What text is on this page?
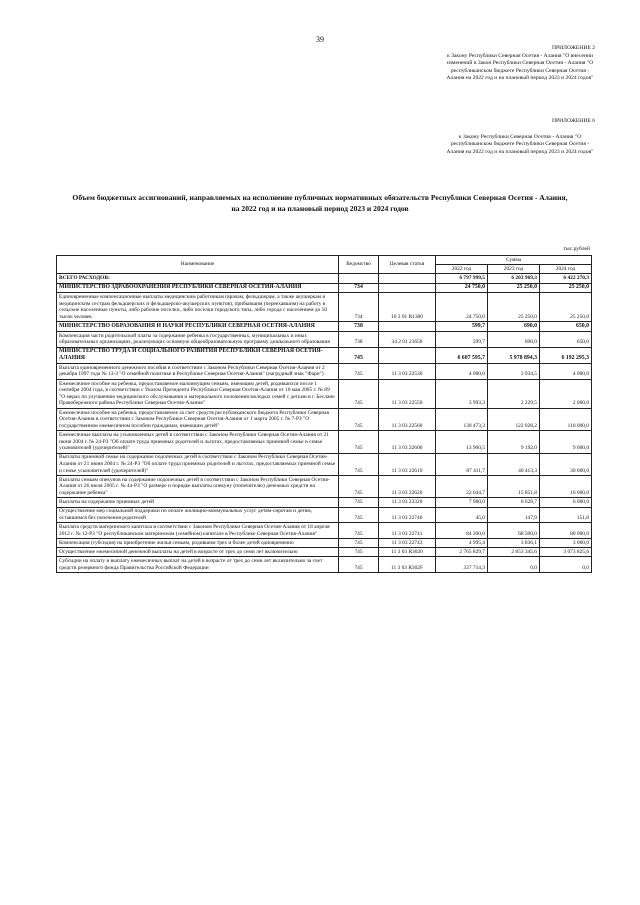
39
ПРИЛОЖЕНИЕ 2
к Закону Республики Северная Осетия - Алания "О внесении изменений в Закон Республики Северная Осетия - Алания "О республиканском бюджете Республики Северная Осетия - Алания на 2022 год и на плановый период 2023 и 2024 годов"
ПРИЛОЖЕНИЕ 6
к Закону Республики Северная Осетия - Алания "О республиканском бюджете Республики Северная Осетия - Алания на 2022 год и на плановый период 2023 и 2024 годов"
Объем бюджетных ассигнований, направляемых на исполнение публичных нормативных обязательств Республики Северная Осетия - Алания, на 2022 год и на плановый период 2023 и 2024 годов
тыс.рублей
Наименование	Ведомство	Целевая статья	Сумма		
			2022 год	2023 год	2024 год
ВСЕГО РАСХОДОВ:			6 797 999,5	6 203 969,3	6 422 270,3
МИНИСТЕРСТВО ЗДРАВООХРАНЕНИЯ РЕСПУБЛИКИ СЕВЕРНАЯ ОСЕТИЯ-АЛАНИЯ	734		24 750,0	25 250,0	25 250,0
Единовременные компенсационные выплаты медицинским работникам (врачам, фельдшерам, а также акушеркам и медицинским сестрам фельдшерских и фельдшерско-акушерских пунктов), прибывшим (переехавшим) на работу в сельские населенные пункты, либо рабочие поселки, либо поселки городского типа, либо города с населением до 50 тысяч человек	734	10 3 01 R1380	24 750,0	25 250,0	25 250,0
МИНИСТЕРСТВО ОБРАЗОВАНИЯ И НАУКИ РЕСПУБЛИКИ СЕВЕРНАЯ ОСЕТИЯ-АЛАНИЯ	738		599,7	690,0	650,0
Компенсация части родительской платы за содержание ребенка в государственных, муниципальных и иных образовательных организациях, реализующих основную общеобразовательную программу дошкольного образования	738	34 2 01 21650	599,7	690,0	650,0
МИНИСТЕРСТВО ТРУДА И СОЦИАЛЬНОГО РАЗВИТИЯ РЕСПУБЛИКИ СЕВЕРНАЯ ОСЕТИЯ-АЛАНИЯ	745		6 607 595,7	5 978 894,3	6 192 295,3
Выплата единовременного денежного пособия в соответствии с Законом Республики Северная Осетия-Алания от 2 декабря 1997 года № 13-З "О семейной политике в Республике Северная Осетия-Алания" (нагрудный знак "Фарн")	745	11 3 03 22530	4 000,0	3 934,5	4 000,0
Ежемесячное пособие на ребенка, предоставляемое малоимущим семьям, имеющим детей, родившихся после 1 сентября 2004 года, в соответствии с Указом Президента Республики Северная Осетия-Алания от 16 мая 2005 г. № 89 "О мерах по улучшению медицинского обслуживания и материального положения молодых семей с детьми в г. Беслане Правобережного района Республики Северная Осетия-Алания"	745	11 3 03 22550	3 993,3	2 229,5	2 000,0
Ежемесячное пособие на ребенка, предоставляемое за счет средств республиканского бюджета Республики Северная Осетия-Алания в соответствии с Законом Республики Северная Осетия-Алания от 1 марта 2005 г. № 7-РЗ "О государственном ежемесячном пособии гражданам, имеющим детей"	745	11 3 03 22560	130 473,3	122 028,2	110 000,0
Ежемесячные выплаты на усыновленных детей в соответствии с Законом Республики Северная Осетия-Алания от 21 июня 2004 г. № 24-РЗ "Об оплате труда приемных родителей и льготах, предоставляемых приемной семье и семье усыновителей (удочерителей)"	745	11 3 03 22600	13 900,5	9 192,0	9 000,0
Выплаты приемной семье на содержание подопечных детей в соответствии с Законом Республики Северная Осетия-Алания от 21 июня 2004 г. № 24-РЗ "Об оплате труда приемных родителей и льготах, предоставляемых приемной семье и семье усыновителей (удочерителей)"	745	11 3 03 22610	87 411,7	40 413,3	30 000,0
Выплаты семьям опекунов на содержание подопечных детей в соответствии с Законом Республики Северная Осетия-Алания от 26 июля 2005 г. № 44-РЗ "О размере и порядке выплаты опекуну (попечителю) денежных средств на содержание ребенка"	745	11 3 03 22620	22 644,7	15 851,8	16 000,0
Выплаты на содержание приемных детей	745	11 3 03 23320	7 900,0	6 628,7	6 000,0
Осуществление мер социальной поддержки по оплате жилищно-коммунальных услуг детям-сиротам и детям, оставшимся без попечения родителей	745	11 3 03 22740	45,0	147,9	151,8
Выплата средств материнского капитала в соответствии с Законом Республики Северная Осетия-Алания от 18 апреля 2012 г. № 12-РЗ "О республиканском материнском (семейном) капитале в Республике Северная Осетия-Алания"	745	11 3 03 22741	84 200,0	68 500,0	80 000,0
Компенсация (субсидия) на приобретение жилья семьям, родившим трех и более детей одновременно	745	11 3 03 22743	4 995,4	3 836,1	3 000,0
Осуществление ежемесячной денежной выплаты на детей в возрасте от трех до семи лет включительно	745	11 3 03 R3020	2 765 829,7	2 853 345,6	3 073 825,6
Субсидии на оплату и выплату ежемесячных выплат на детей в возрасте от трех до семи лет включительно за счет средств резервного фонда Правительства Российской Федерации	745	11 3 03 R302F	337 714,3	0,0	0,0
